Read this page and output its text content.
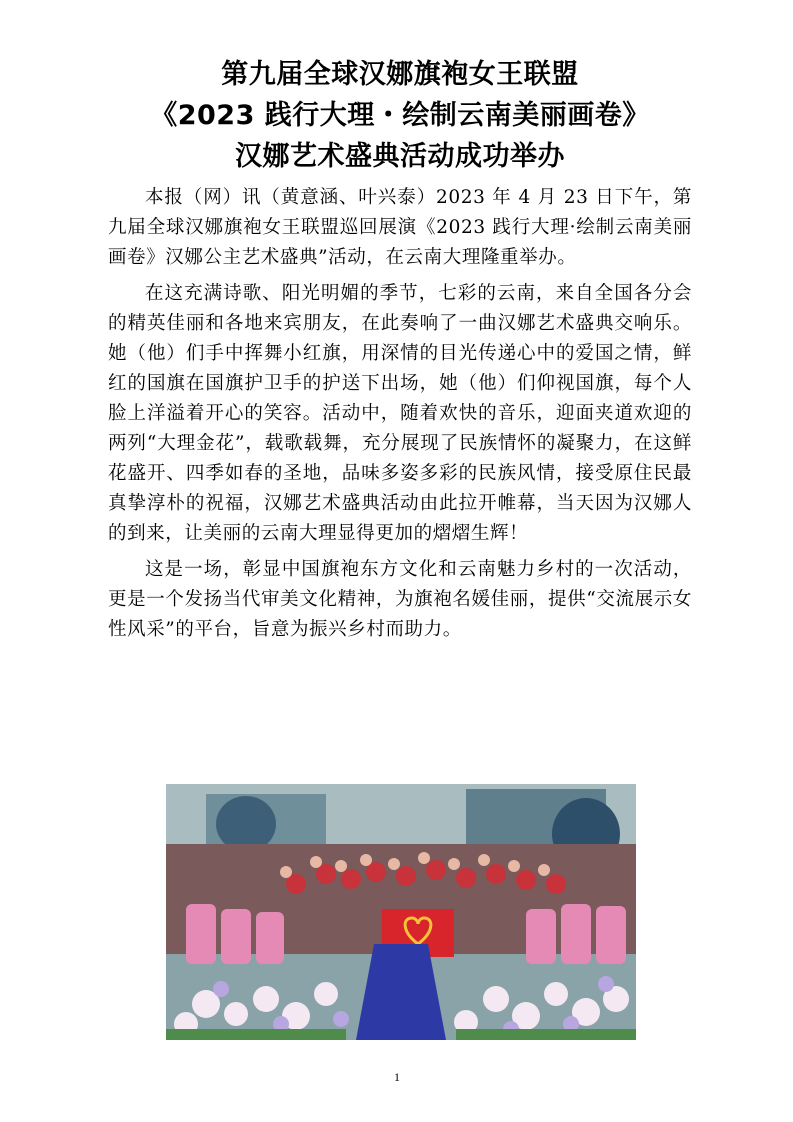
第九届全球汉娜旗袍女王联盟

《2023 践行大理・绘制云南美丽画卷》

汉娜艺术盛典活动成功举办

本报（网）讯（黄意涵、叶兴泰）2023 年 4 月 23 日下午，第九届全球汉娜旗袍女王联盟巡回展演《2023 践行大理·绘制云南美丽画卷》汉娜公主艺术盛典”活动，在云南大理隆重举办。

在这充满诗歌、阳光明媚的季节，七彩的云南，来自全国各分会的精英佳丽和各地来宾朋友，在此奏响了一曲汉娜艺术盛典交响乐。她（他）们手中挥舞小红旗，用深情的目光传递心中的爱国之情，鲜红的国旗在国旗护卫手的护送下出场，她（他）们仰视国旗，每个人脸上洋溢着开心的笑容。活动中，随着欢快的音乐，迎面夹道欢迎的两列“大理金花”，载歌载舞，充分展现了民族情怀的凝聚力，在这鲜花盛开、四季如春的圣地，品味多姿多彩的民族风情，接受原住民最真挚淳朴的祝福，汉娜艺术盛典活动由此拉开帷幕，当天因为汉娜人的到来，让美丽的云南大理显得更加的熠熠生辉！

这是一场，彰显中国旗袍东方文化和云南魅力乡村的一次活动，更是一个发扬当代审美文化精神，为旗袍名媛佳丽，提供“交流展示女性风采”的平台，旨意为振兴乡村而助力。

1
